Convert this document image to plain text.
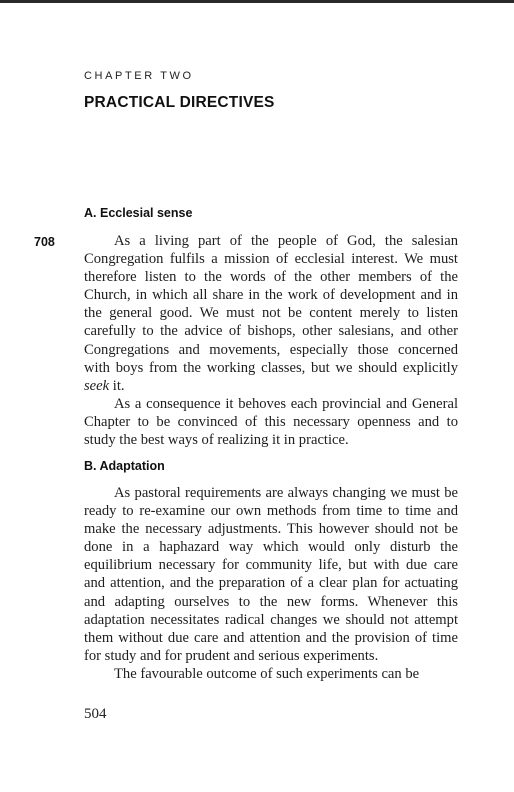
CHAPTER TWO
PRACTICAL DIRECTIVES
A. Ecclesial sense
708	As a living part of the people of God, the salesian Congregation fulfils a mission of ecclesial interest. We must therefore listen to the words of the other members of the Church, in which all share in the work of development and in the general good. We must not be content merely to listen carefully to the advice of bishops, other salesians, and other Congregations and movements, especially those concerned with boys from the working classes, but we should explicitly seek it.

As a consequence it behoves each provincial and General Chapter to be convinced of this necessary openness and to study the best ways of realizing it in practice.

B. Adaptation

As pastoral requirements are always changing we must be ready to re-examine our own methods from time to time and make the necessary adjustments. This however should not be done in a haphazard way which would only disturb the equilibrium necessary for community life, but with due care and attention, and the preparation of a clear plan for actuating and adapting ourselves to the new forms. Whenever this adaptation necessitates radical changes we should not attempt them without due care and attention and the provision of time for study and for prudent and serious experiments.

The favourable outcome of such experiments can be

504
